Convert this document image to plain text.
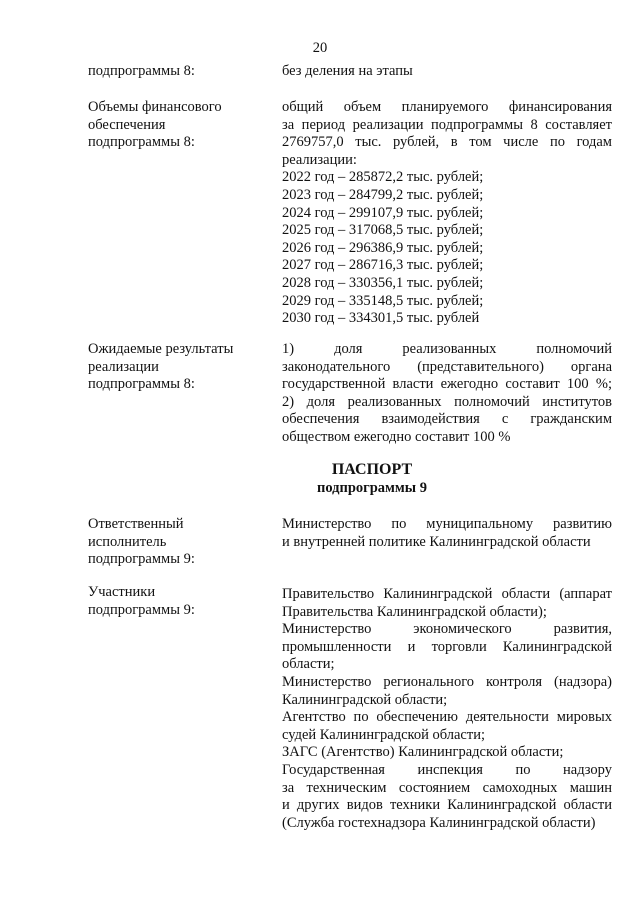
20
подпрограммы 8:	без деления на этапы
Объемы финансового
обеспечения
подпрограммы 8:
общий объем планируемого финансирования
за период реализации подпрограммы 8 составляет
2769757,0 тыс. рублей, в том числе по годам
реализации:
2022 год – 285872,2 тыс. рублей;
2023 год – 284799,2 тыс. рублей;
2024 год – 299107,9 тыс. рублей;
2025 год – 317068,5 тыс. рублей;
2026 год – 296386,9 тыс. рублей;
2027 год – 286716,3 тыс. рублей;
2028 год – 330356,1 тыс. рублей;
2029 год – 335148,5 тыс. рублей;
2030 год – 334301,5 тыс. рублей
Ожидаемые результаты
реализации
подпрограммы 8:
1) доля реализованных полномочий
законодательного (представительного) органа
государственной власти ежегодно составит 100 %;
2) доля реализованных полномочий институтов
обеспечения взаимодействия с гражданским
обществом ежегодно составит 100 %
ПАСПОРТ
подпрограммы 9
Ответственный
исполнитель
подпрограммы 9:
Министерство по муниципальному развитию
и внутренней политике Калининградской области
Участники
подпрограммы 9:
Правительство Калининградской области (аппарат
Правительства Калининградской области);
Министерство экономического развития,
промышленности и торговли Калининградской
области;
Министерство регионального контроля (надзора)
Калининградской области;
Агентство по обеспечению деятельности мировых
судей Калининградской области;
ЗАГС (Агентство) Калининградской области;
Государственная инспекция по надзору
за техническим состоянием самоходных машин
и других видов техники Калининградской области
(Служба гостехнадзора Калининградской области)
